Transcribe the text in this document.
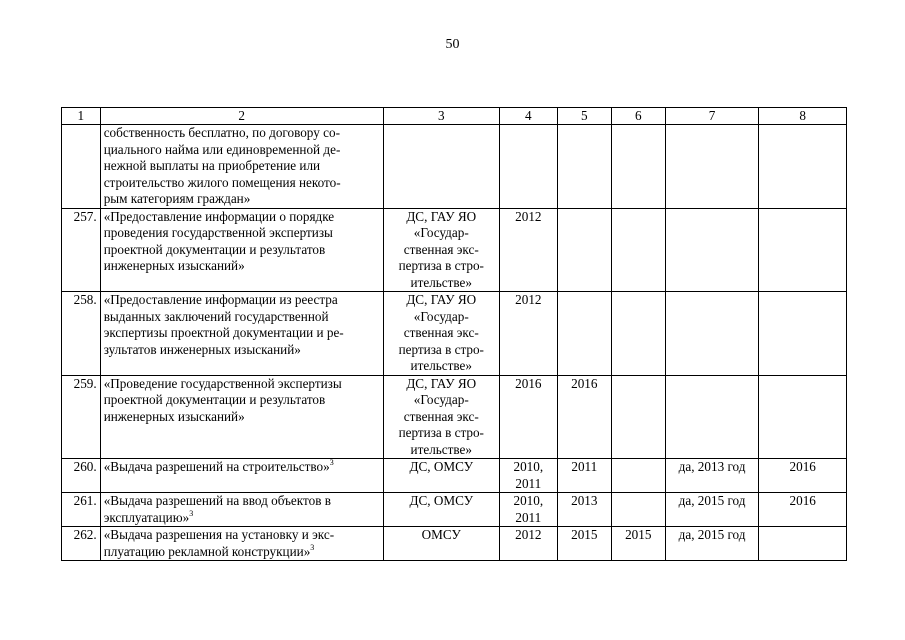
50
1	2	3	4	5	6	7	8

	собственность бесплатно, по договору со-
циального найма или единовременной де-
нежной выплаты на приобретение или
строительство жилого помещения некото-
рым категориям граждан»						

257.	«Предоставление информации о порядке
проведения государственной экспертизы
проектной документации и результатов
инженерных изысканий»	ДС, ГАУ ЯО
«Государ-
ственная экс-
пертиза в стро-
ительстве»	2012				

258.	«Предоставление информации из реестра
выданных заключений государственной
экспертизы проектной документации и ре-
зультатов инженерных изысканий»	ДС, ГАУ ЯО
«Государ-
ственная экс-
пертиза в стро-
ительстве»	2012				

259.	«Проведение государственной экспертизы
проектной документации и результатов
инженерных изысканий»	ДС, ГАУ ЯО
«Государ-
ственная экс-
пертиза в стро-
ительстве»	2016	2016			
260.	«Выдача разрешений на строительство»$^3$	ДС, ОМСУ	2010,
2011	2011		да, 2013 год	2016
261.	«Выдача разрешений на ввод объектов в
эксплуатацию»$^3$	ДС, ОМСУ	2010,
2011	2013		да, 2015 год	2016
262.	«Выдача разрешения на установку и экс-
плуатацию рекламной конструкции»$^3$	ОМСУ	2012	2015	2015	да, 2015 год	
